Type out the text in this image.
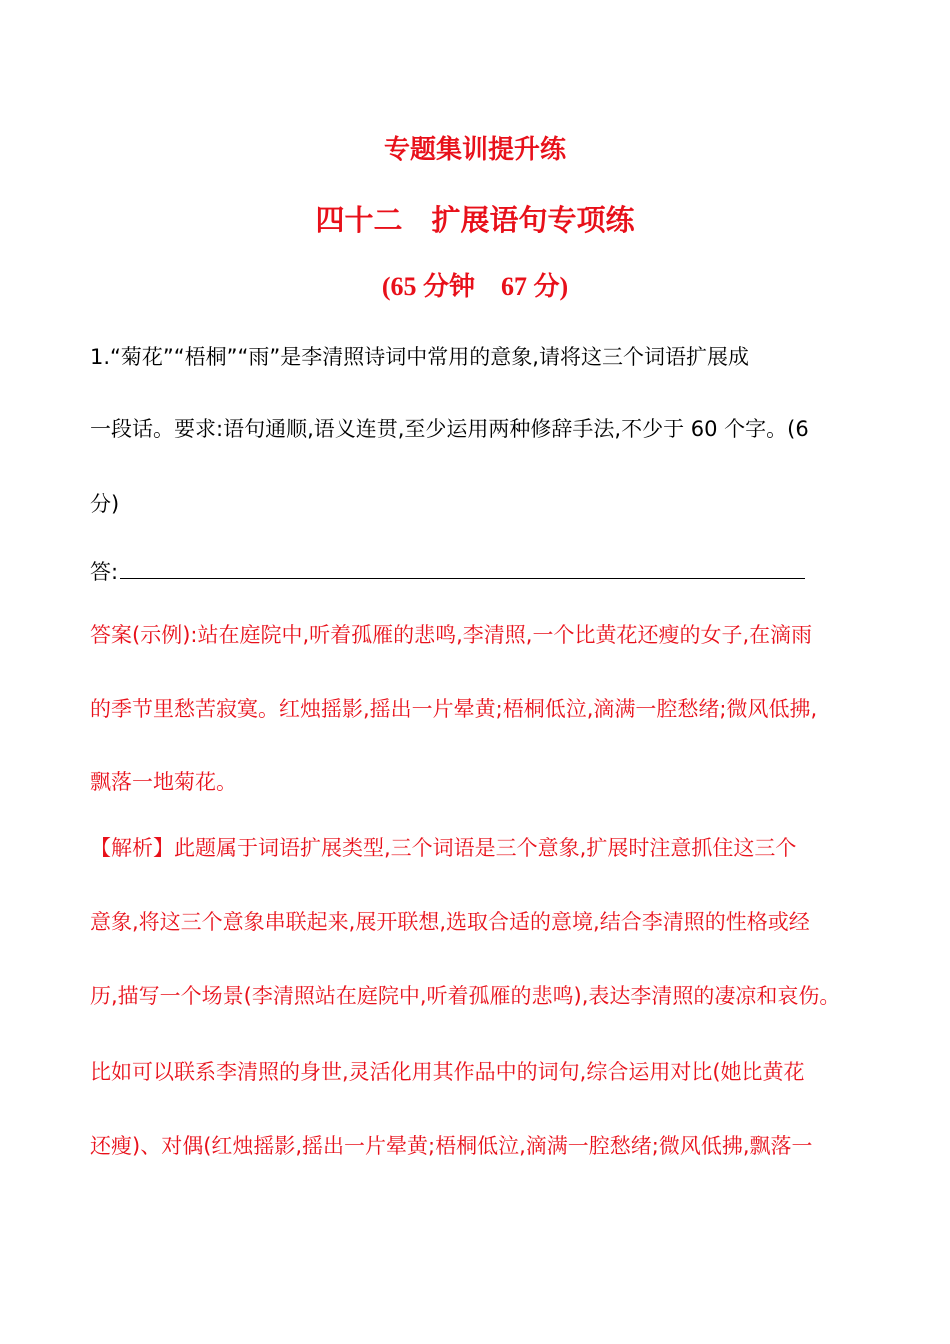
专题集训提升练
四十二　扩展语句专项练
(65 分钟　67 分)
1.“菊花”“梧桐”“雨”是李清照诗词中常用的意象,请将这三个词语扩展成
一段话。要求:语句通顺,语义连贯,至少运用两种修辞手法,不少于 60 个字。(6
分)
答:
答案(示例):站在庭院中,听着孤雁的悲鸣,李清照,一个比黄花还瘦的女子,在滴雨
的季节里愁苦寂寞。红烛摇影,摇出一片晕黄;梧桐低泣,滴满一腔愁绪;微风低拂,
飘落一地菊花。
【解析】此题属于词语扩展类型,三个词语是三个意象,扩展时注意抓住这三个
意象,将这三个意象串联起来,展开联想,选取合适的意境,结合李清照的性格或经
历,描写一个场景(李清照站在庭院中,听着孤雁的悲鸣),表达李清照的凄凉和哀伤。
比如可以联系李清照的身世,灵活化用其作品中的词句,综合运用对比(她比黄花
还瘦)、对偶(红烛摇影,摇出一片晕黄;梧桐低泣,滴满一腔愁绪;微风低拂,飘落一
